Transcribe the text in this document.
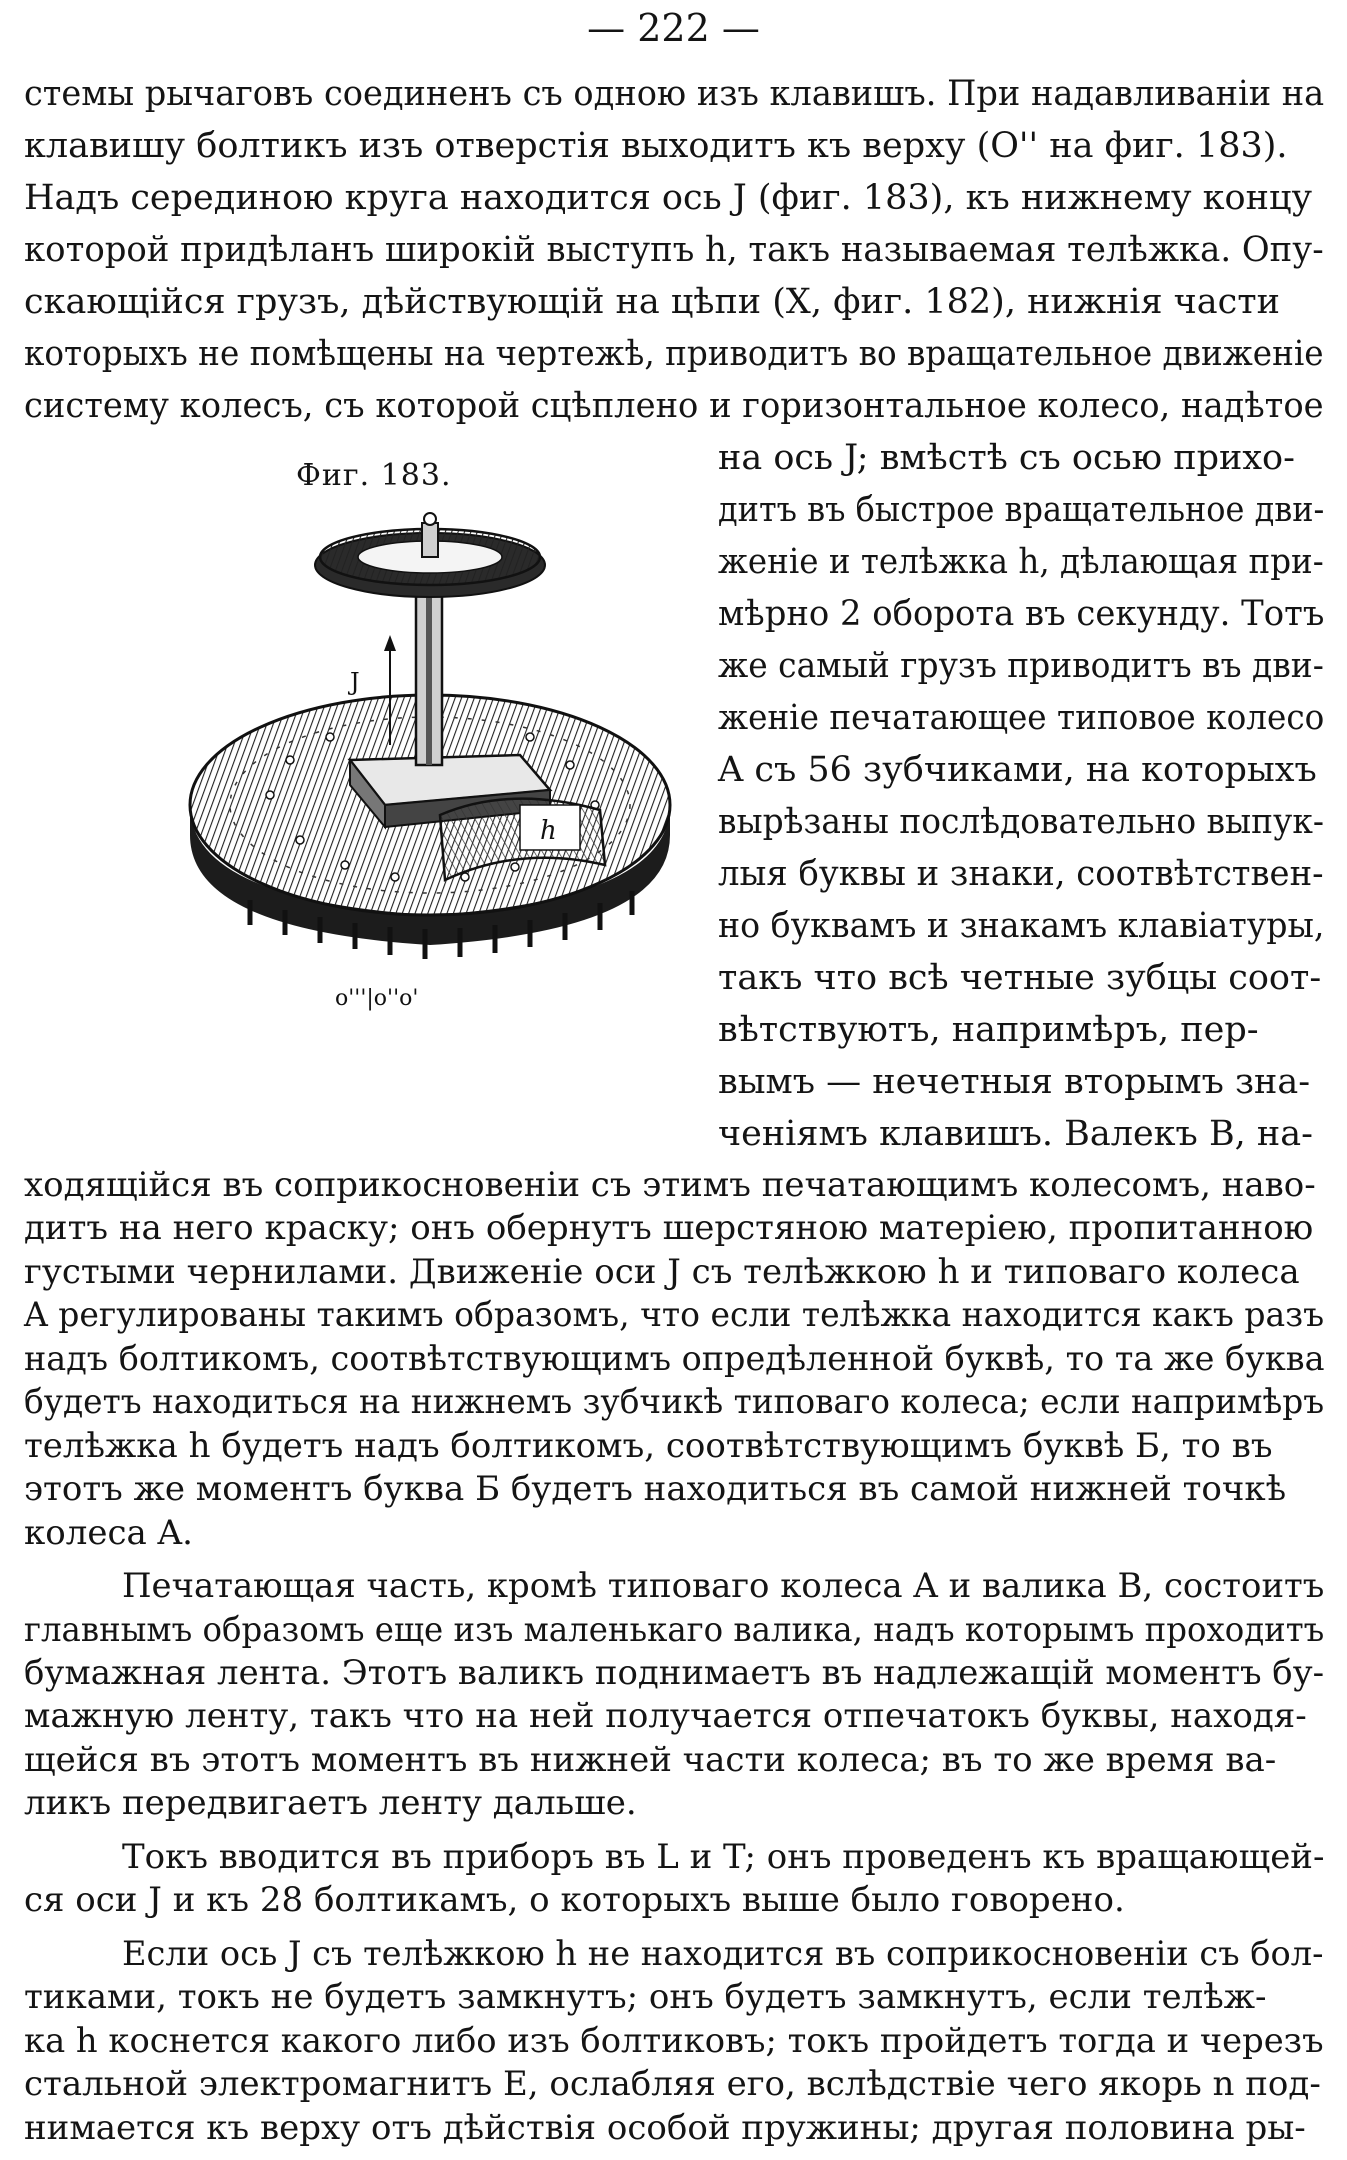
— 222 —
стемы рычаговъ соединенъ съ одною изъ клавишъ. При надавливанiи на
клавишу болтикъ изъ отверстiя выходитъ къ верху (O'' на фиг. 183).
Надъ серединою круга находится ось J (фиг. 183), къ нижнему концу
которой придѣланъ широкiй выступъ h, такъ называемая телѣжка. Опу-
скающiйся грузъ, дѣйствующiй на цѣпи (X, фиг. 182), нижнiя части
которыхъ не помѣщены на чертежѣ, приводитъ во вращательное движенiе
систему колесъ, съ которой сцѣплено и горизонтальное колесо, надѣтое
Фиг. 183.
h
J
o'''|o''o'
на ось J; вмѣстѣ съ осью прихо-
дитъ въ быстрое вращательное дви-
женiе и телѣжка h, дѣлающая при-
мѣрно 2 оборота въ секунду. Тотъ
же самый грузъ приводитъ въ дви-
женiе печатающее типовое колесо
A съ 56 зубчиками, на которыхъ
вырѣзаны послѣдовательно выпук-
лыя буквы и знаки, соотвѣтствен-
но буквамъ и знакамъ клавiатуры,
такъ что всѣ четные зубцы соот-
вѣтствуютъ, напримѣръ, пер-
вымъ — нечетныя вторымъ зна-
ченiямъ клавишъ. Валекъ B, на-
ходящiйся въ соприкосновенiи съ этимъ печатающимъ колесомъ, наво-
дитъ на него краску; онъ обернутъ шерстяною матерiею, пропитанною
густыми чернилами. Движенiе оси J съ телѣжкою h и типоваго колеса
A регулированы такимъ образомъ, что если телѣжка находится какъ разъ
надъ болтикомъ, соотвѣтствующимъ опредѣленной буквѣ, то та же буква
будетъ находиться на нижнемъ зубчикѣ типоваго колеса; если напримѣръ
телѣжка h будетъ надъ болтикомъ, соотвѣтствующимъ буквѣ Б, то въ
этотъ же моментъ буква Б будетъ находиться въ самой нижней точкѣ
колеса A.
Печатающая часть, кромѣ типоваго колеса A и валика B, состоитъ
главнымъ образомъ еще изъ маленькаго валика, надъ которымъ проходитъ
бумажная лента. Этотъ валикъ поднимаетъ въ надлежащiй моментъ бу-
мажную ленту, такъ что на ней получается отпечатокъ буквы, находя-
щейся въ этотъ моментъ въ нижней части колеса; въ то же время ва-
ликъ передвигаетъ ленту дальше.
Токъ вводится въ приборъ въ L и T; онъ проведенъ къ вращающей-
ся оси J и къ 28 болтикамъ, о которыхъ выше было говорено.
Если ось J съ телѣжкою h не находится въ соприкосновенiи съ бол-
тиками, токъ не будетъ замкнутъ; онъ будетъ замкнутъ, если телѣж-
ка h коснется какого либо изъ болтиковъ; токъ пройдетъ тогда и черезъ
стальной электромагнитъ E, ослабляя его, вслѣдствiе чего якорь n под-
нимается къ верху отъ дѣйствiя особой пружины; другая половина ры-
